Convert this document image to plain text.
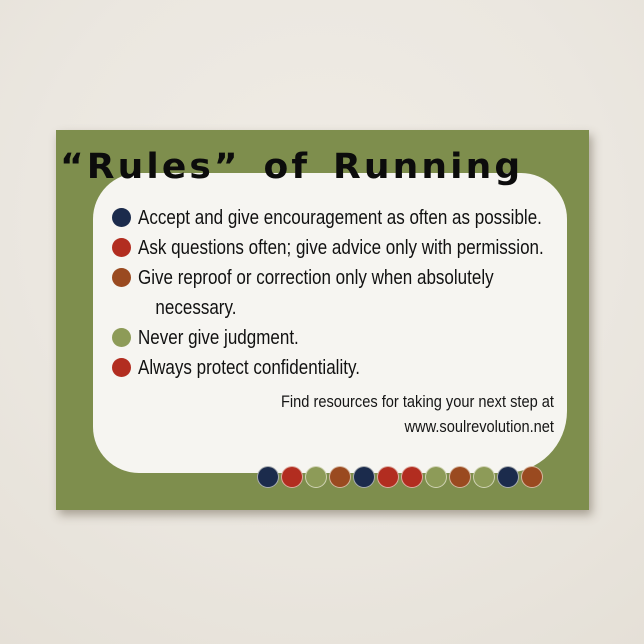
“Rules” of Running
Accept and give encouragement as often as possible.
Ask questions often; give advice only with permission.
Give reproof or correction only when absolutely
necessary.
Never give judgment.
Always protect confidentiality.
Find resources for taking your next step at
www.soulrevolution.net
